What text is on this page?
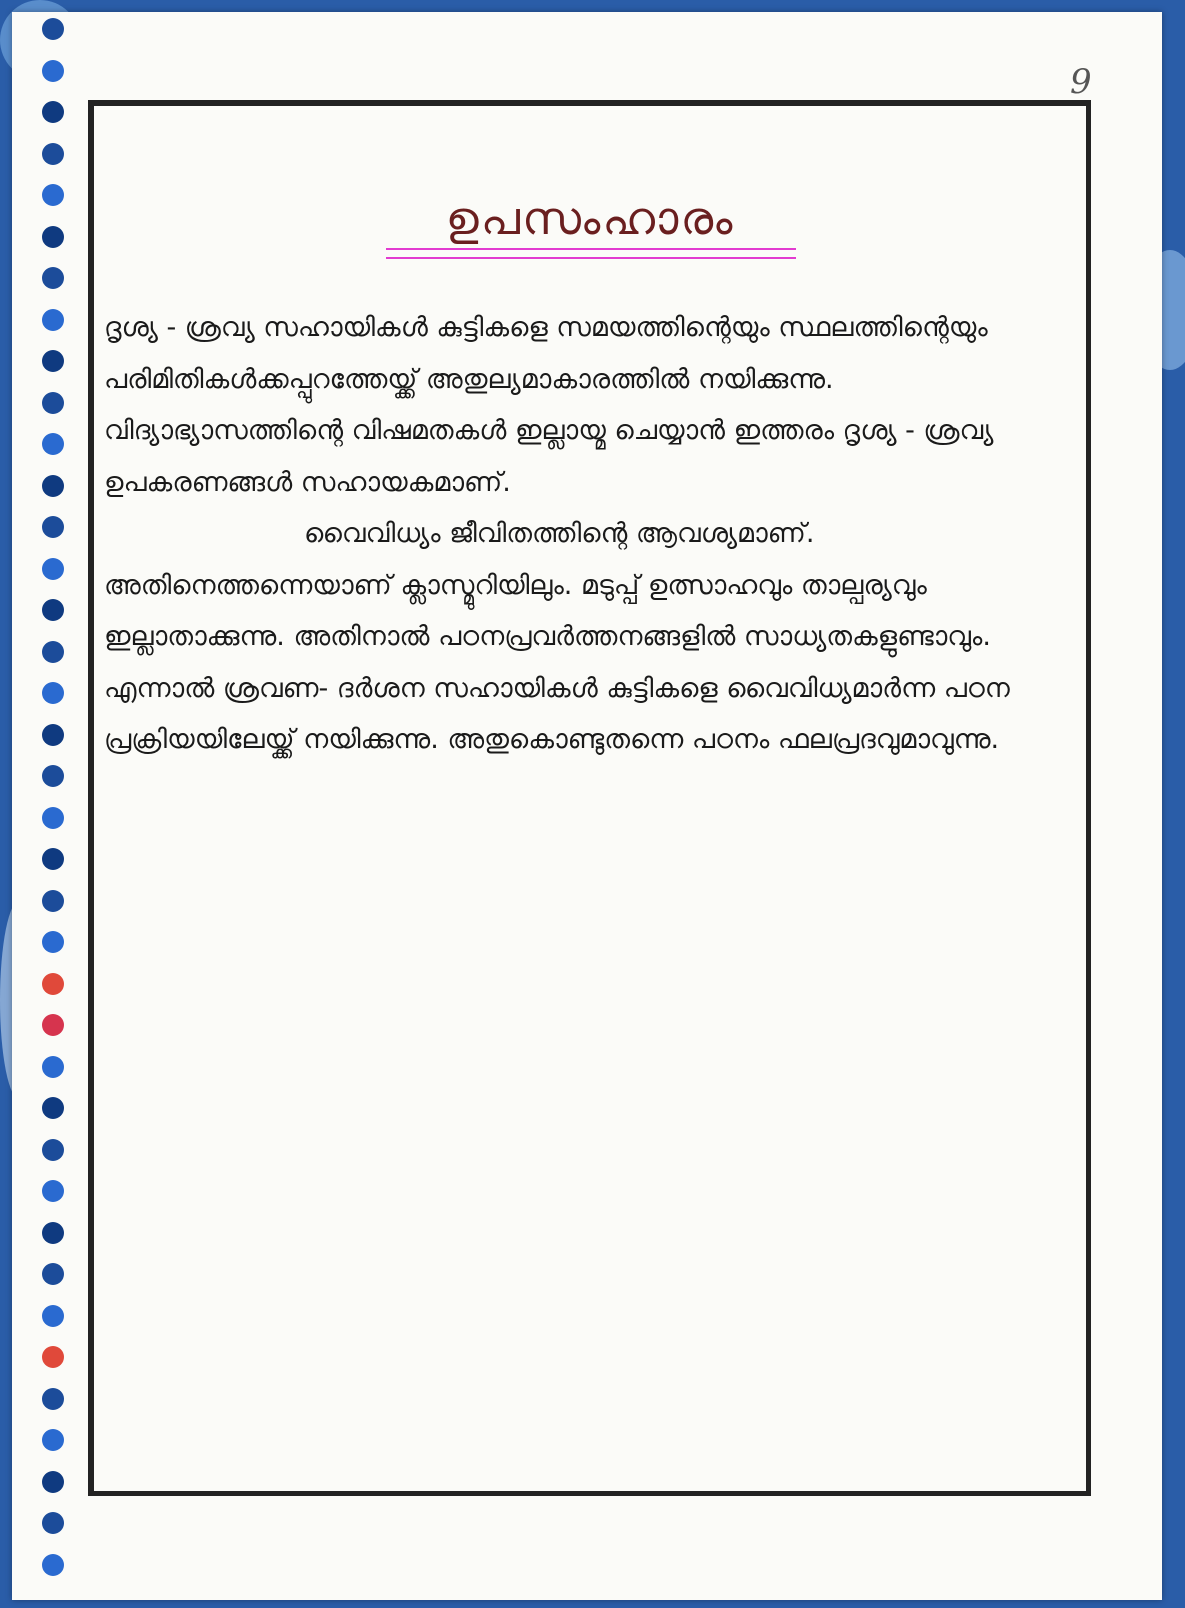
9
ഉപസംഹാരം

ദൃശ്യ - ശ്രവ്യ സഹായികൾ കുട്ടികളെ സമയത്തിന്റെയും സ്ഥലത്തിന്റെയും പരിമിതികൾക്കപ്പുറത്തേയ്ക്ക് അതുല്യമാകാരത്തിൽ നയിക്കുന്നു. വിദ്യാഭ്യാസത്തിന്റെ വിഷമതകൾ ഇല്ലായ്മ ചെയ്യാൻ ഇത്തരം ദൃശ്യ - ശ്രവ്യ ഉപകരണങ്ങൾ സഹായകമാണ്.

വൈവിധ്യം ജീവിതത്തിന്റെ ആവശ്യമാണ്. അതിനെത്തന്നെയാണ് ക്ലാസ്മുറിയിലും. മടുപ്പ് ഉത്സാഹവും താല്പര്യവും ഇല്ലാതാക്കുന്നു. അതിനാൽ പഠനപ്രവർത്തനങ്ങളിൽ സാധ്യതകളുണ്ടാവും. എന്നാൽ ശ്രവണ- ദർശന സഹായികൾ കുട്ടികളെ വൈവിധ്യമാർന്ന പഠന പ്രക്രിയയിലേയ്ക്ക് നയിക്കുന്നു. അതുകൊണ്ടുതന്നെ പഠനം ഫലപ്രദവുമാവുന്നു.
